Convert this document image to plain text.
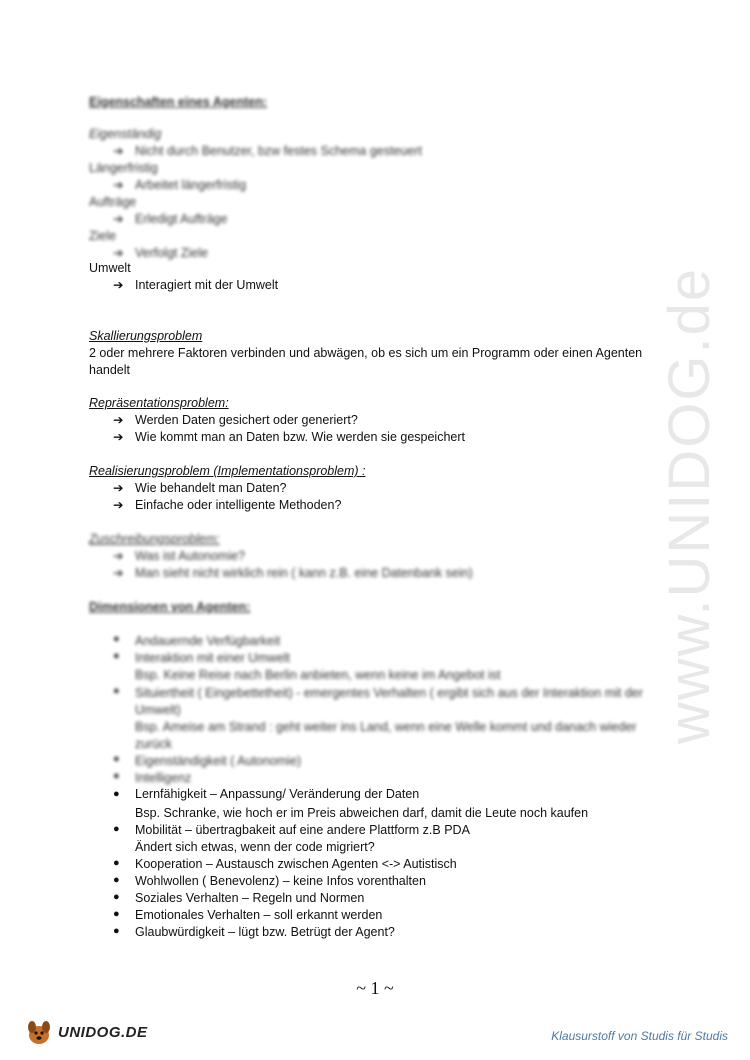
www.UNIDOG.de
Eigenschaften eines Agenten:
Eigenständig
➔ Nicht durch Benutzer, bzw festes Schema gesteuert
Längerfristig
➔ Arbeitet längerfristig
Aufträge
➔ Erledigt Aufträge
Ziele
➔ Verfolgt Ziele
Umwelt
➔ Interagiert mit der Umwelt
Skallierungsproblem
2 oder mehrere Faktoren verbinden und abwägen, ob es sich um ein Programm oder einen Agenten
handelt
Repräsentationsproblem:
➔ Werden Daten gesichert oder generiert?
➔ Wie kommt man an Daten bzw. Wie werden sie gespeichert
Realisierungsproblem (Implementationsproblem) :
➔ Wie behandelt man Daten?
➔ Einfache oder intelligente Methoden?
Zuschreibungsproblem:
➔ Was ist Autonomie?
➔ Man sieht nicht wirklich rein ( kann z.B. eine Datenbank sein)
Dimensionen von Agenten:
● Andauernde Verfügbarkeit
● Interaktion mit einer Umwelt
Bsp. Keine Reise nach Berlin anbieten, wenn keine im Angebot ist
● Situiertheit ( Eingebettetheit) - emergentes Verhalten ( ergibt sich aus der Interaktion mit der
Umwelt)
Bsp. Ameise am Strand : geht weiter ins Land, wenn eine Welle kommt und danach wieder
zurück
● Eigenständigkeit ( Autonomie)
● Intelligenz
● Lernfähigkeit – Anpassung/ Veränderung der Daten
Bsp. Schranke, wie hoch er im Preis abweichen darf, damit die Leute noch kaufen
● Mobilität – übertragbakeit auf eine andere Plattform z.B PDA
Ändert sich etwas, wenn der code migriert?
● Kooperation – Austausch zwischen Agenten <-> Autistisch
● Wohlwollen ( Benevolenz) – keine Infos vorenthalten
● Soziales Verhalten – Regeln und Normen
● Emotionales Verhalten – soll erkannt werden
● Glaubwürdigkeit – lügt bzw. Betrügt der Agent?
~ 1 ~
UNIDOG.DE	Klausurstoff von Studis für Studis
